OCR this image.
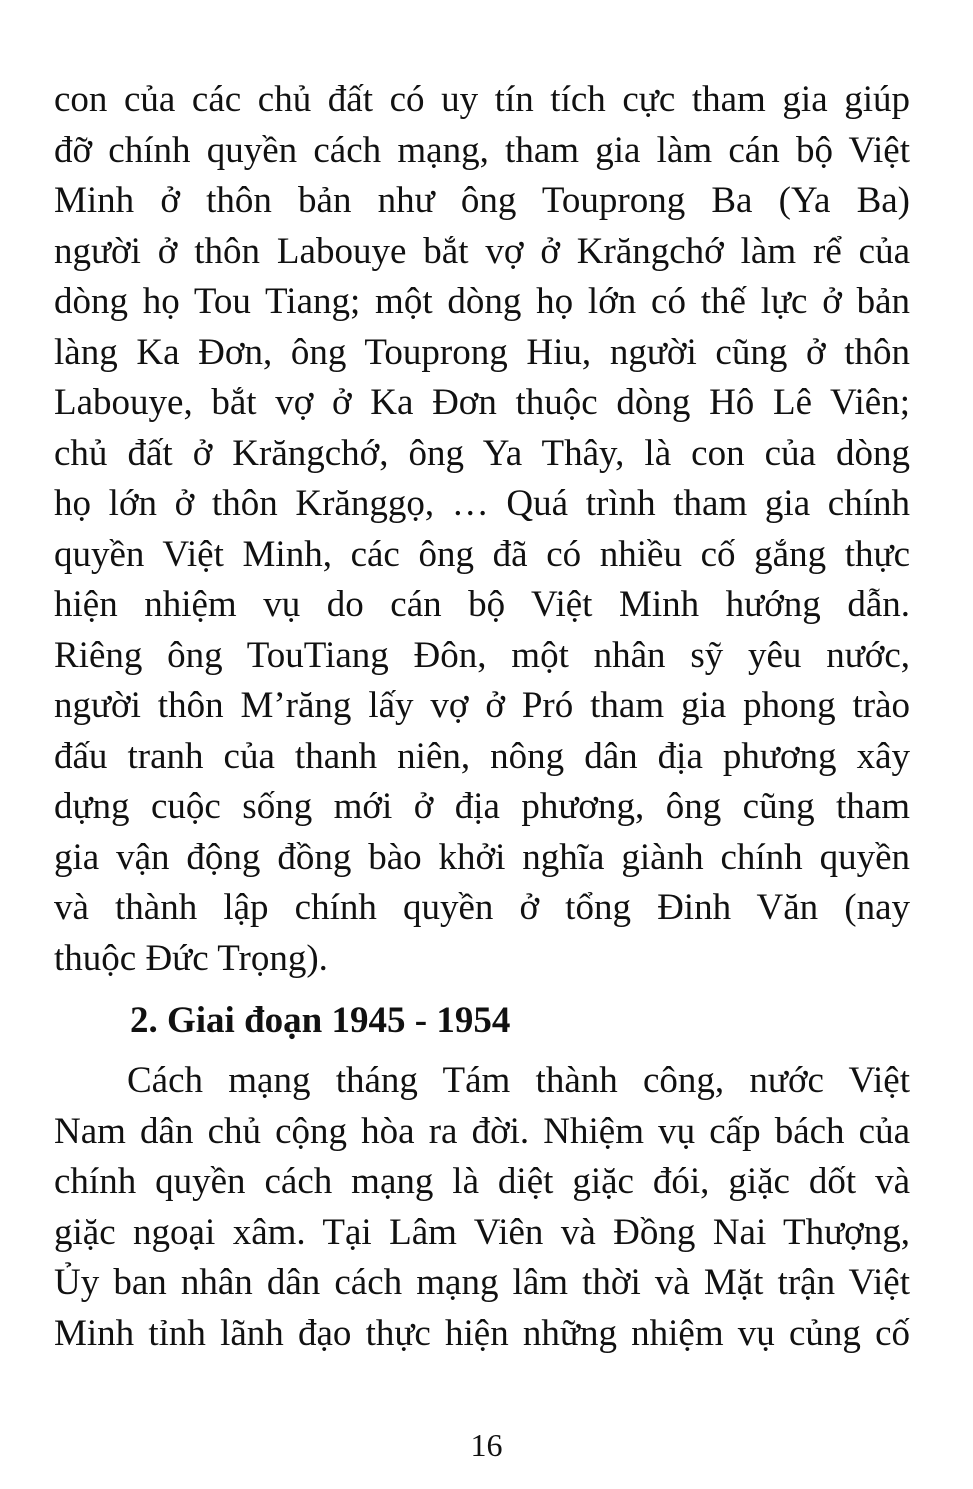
con của các chủ đất có uy tín tích cực tham gia giúp
đỡ chính quyền cách mạng, tham gia làm cán bộ Việt
Minh ở thôn bản như ông Touprong Ba (Ya Ba)
người ở thôn Labouye bắt vợ ở Krăngchớ làm rể của
dòng họ Tou Tiang; một dòng họ lớn có thế lực ở bản
làng Ka Đơn, ông Touprong Hiu, người cũng ở thôn
Labouye, bắt vợ ở Ka Đơn thuộc dòng Hô Lê Viên;
chủ đất ở Krăngchớ, ông Ya Thây, là con của dòng
họ lớn ở thôn Krănggọ, … Quá trình tham gia chính
quyền Việt Minh, các ông đã có nhiều cố gắng thực
hiện nhiệm vụ do cán bộ Việt Minh hướng dẫn.
Riêng ông TouTiang Đôn, một nhân sỹ yêu nước,
người thôn M’răng lấy vợ ở Pró tham gia phong trào
đấu tranh của thanh niên, nông dân địa phương xây
dựng cuộc sống mới ở địa phương, ông cũng tham
gia vận động đồng bào khởi nghĩa giành chính quyền
và thành lập chính quyền ở tổng Đinh Văn (nay
thuộc Đức Trọng).
2. Giai đoạn 1945 - 1954
Cách mạng tháng Tám thành công, nước Việt
Nam dân chủ cộng hòa ra đời. Nhiệm vụ cấp bách của
chính quyền cách mạng là diệt giặc đói, giặc dốt và
giặc ngoại xâm. Tại Lâm Viên và Đồng Nai Thượng,
Ủy ban nhân dân cách mạng lâm thời và Mặt trận Việt
Minh tỉnh lãnh đạo thực hiện những nhiệm vụ củng cố
16
